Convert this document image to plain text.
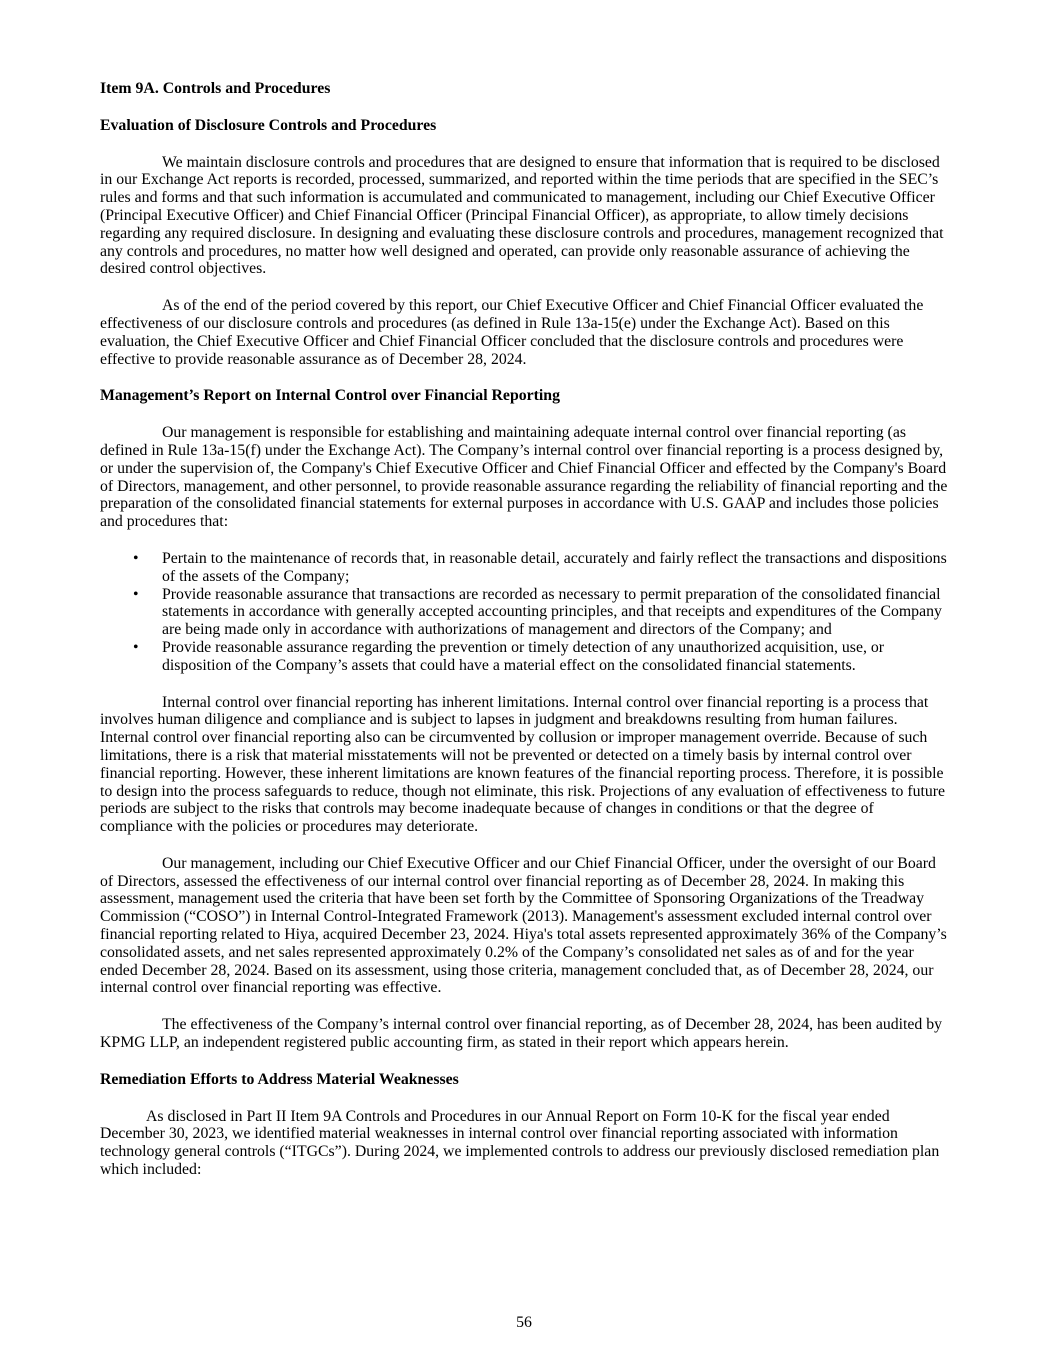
Item 9A. Controls and Procedures

Evaluation of Disclosure Controls and Procedures

We maintain disclosure controls and procedures that are designed to ensure that information that is required to be disclosed in our Exchange Act reports is recorded, processed, summarized, and reported within the time periods that are specified in the SEC’s rules and forms and that such information is accumulated and communicated to management, including our Chief Executive Officer (Principal Executive Officer) and Chief Financial Officer (Principal Financial Officer), as appropriate, to allow timely decisions regarding any required disclosure. In designing and evaluating these disclosure controls and procedures, management recognized that any controls and procedures, no matter how well designed and operated, can provide only reasonable assurance of achieving the desired control objectives.

As of the end of the period covered by this report, our Chief Executive Officer and Chief Financial Officer evaluated the effectiveness of our disclosure controls and procedures (as defined in Rule 13a-15(e) under the Exchange Act). Based on this evaluation, the Chief Executive Officer and Chief Financial Officer concluded that the disclosure controls and procedures were effective to provide reasonable assurance as of December 28, 2024.

Management’s Report on Internal Control over Financial Reporting

Our management is responsible for establishing and maintaining adequate internal control over financial reporting (as defined in Rule 13a-15(f) under the Exchange Act). The Company’s internal control over financial reporting is a process designed by, or under the supervision of, the Company's Chief Executive Officer and Chief Financial Officer and effected by the Company's Board of Directors, management, and other personnel, to provide reasonable assurance regarding the reliability of financial reporting and the preparation of the consolidated financial statements for external purposes in accordance with U.S. GAAP and includes those policies and procedures that:

• Pertain to the maintenance of records that, in reasonable detail, accurately and fairly reflect the transactions and dispositions of the assets of the Company;
• Provide reasonable assurance that transactions are recorded as necessary to permit preparation of the consolidated financial statements in accordance with generally accepted accounting principles, and that receipts and expenditures of the Company are being made only in accordance with authorizations of management and directors of the Company; and
• Provide reasonable assurance regarding the prevention or timely detection of any unauthorized acquisition, use, or disposition of the Company’s assets that could have a material effect on the consolidated financial statements.

Internal control over financial reporting has inherent limitations. Internal control over financial reporting is a process that involves human diligence and compliance and is subject to lapses in judgment and breakdowns resulting from human failures. Internal control over financial reporting also can be circumvented by collusion or improper management override. Because of such limitations, there is a risk that material misstatements will not be prevented or detected on a timely basis by internal control over financial reporting. However, these inherent limitations are known features of the financial reporting process. Therefore, it is possible to design into the process safeguards to reduce, though not eliminate, this risk. Projections of any evaluation of effectiveness to future periods are subject to the risks that controls may become inadequate because of changes in conditions or that the degree of compliance with the policies or procedures may deteriorate.

Our management, including our Chief Executive Officer and our Chief Financial Officer, under the oversight of our Board of Directors, assessed the effectiveness of our internal control over financial reporting as of December 28, 2024. In making this assessment, management used the criteria that have been set forth by the Committee of Sponsoring Organizations of the Treadway Commission (“COSO”) in Internal Control-Integrated Framework (2013). Management's assessment excluded internal control over financial reporting related to Hiya, acquired December 23, 2024. Hiya's total assets represented approximately 36% of the Company’s consolidated assets, and net sales represented approximately 0.2% of the Company’s consolidated net sales as of and for the year ended December 28, 2024. Based on its assessment, using those criteria, management concluded that, as of December 28, 2024, our internal control over financial reporting was effective.

The effectiveness of the Company’s internal control over financial reporting, as of December 28, 2024, has been audited by KPMG LLP, an independent registered public accounting firm, as stated in their report which appears herein.

Remediation Efforts to Address Material Weaknesses

As disclosed in Part II Item 9A Controls and Procedures in our Annual Report on Form 10-K for the fiscal year ended December 30, 2023, we identified material weaknesses in internal control over financial reporting associated with information technology general controls (“ITGCs”). During 2024, we implemented controls to address our previously disclosed remediation plan which included:

56
